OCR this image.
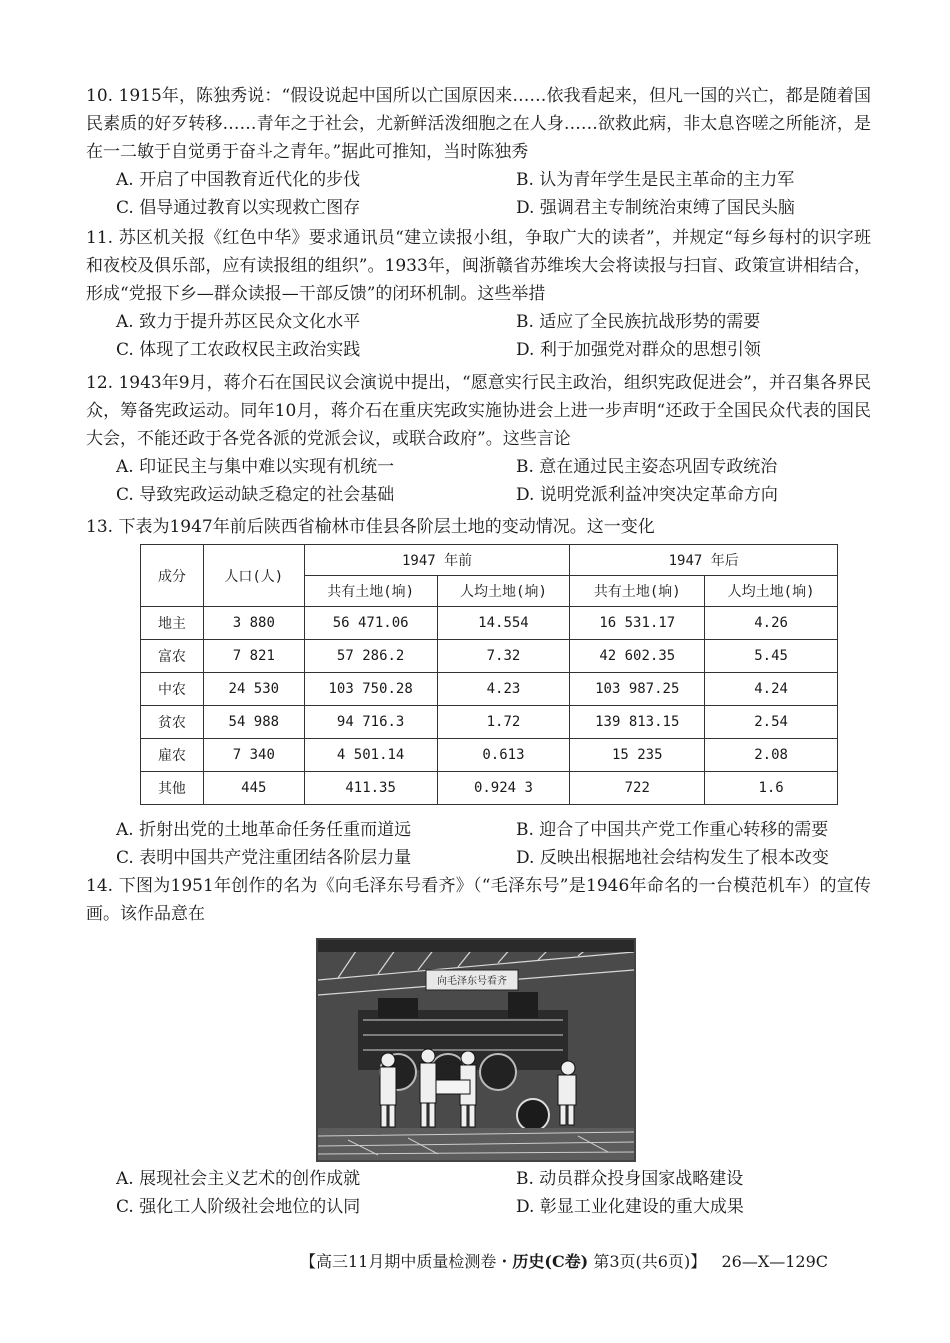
10. 1915年，陈独秀说：“假设说起中国所以亡国原因来……依我看起来，但凡一国的兴亡，都是随着国民素质的好歹转移……青年之于社会，尤新鲜活泼细胞之在人身……欲救此病，非太息咨嗟之所能济，是在一二敏于自觉勇于奋斗之青年。”据此可推知，当时陈独秀
A. 开启了中国教育近代化的步伐	B. 认为青年学生是民主革命的主力军
C. 倡导通过教育以实现救亡图存	D. 强调君主专制统治束缚了国民头脑
11. 苏区机关报《红色中华》要求通讯员“建立读报小组，争取广大的读者”，并规定“每乡每村的识字班和夜校及俱乐部，应有读报组的组织”。1933年，闽浙赣省苏维埃大会将读报与扫盲、政策宣讲相结合，形成“党报下乡—群众读报—干部反馈”的闭环机制。这些举措
A. 致力于提升苏区民众文化水平	B. 适应了全民族抗战形势的需要
C. 体现了工农政权民主政治实践	D. 利于加强党对群众的思想引领
12. 1943年9月，蒋介石在国民议会演说中提出，“愿意实行民主政治，组织宪政促进会”，并召集各界民众，筹备宪政运动。同年10月，蒋介石在重庆宪政实施协进会上进一步声明“还政于全国民众代表的国民大会，不能还政于各党各派的党派会议，或联合政府”。这些言论
A. 印证民主与集中难以实现有机统一	B. 意在通过民主姿态巩固专政统治
C. 导致宪政运动缺乏稳定的社会基础	D. 说明党派利益冲突决定革命方向
13. 下表为1947年前后陕西省榆林市佳县各阶层土地的变动情况。这一变化
成分	人口(人)	1947 年前		1947 年后	
		共有土地(垧)	人均土地(垧)	共有土地(垧)	人均土地(垧)
地主	3 880	56 471.06	14.554	16 531.17	4.26
富农	7 821	57 286.2	7.32	42 602.35	5.45
中农	24 530	103 750.28	4.23	103 987.25	4.24
贫农	54 988	94 716.3	1.72	139 813.15	2.54
雇农	7 340	4 501.14	0.613	15 235	2.08
其他	445	411.35	0.924 3	722	1.6
A. 折射出党的土地革命任务任重而道远	B. 迎合了中国共产党工作重心转移的需要
C. 表明中国共产党注重团结各阶层力量	D. 反映出根据地社会结构发生了根本改变
14. 下图为1951年创作的名为《向毛泽东号看齐》（“毛泽东号”是1946年命名的一台模范机车）的宣传画。该作品意在
向毛泽东号看齐
A. 展现社会主义艺术的创作成就	B. 动员群众投身国家战略建设
C. 强化工人阶级社会地位的认同	D. 彰显工业化建设的重大成果
【高三11月期中质量检测卷・历史(C卷) 第3页(共6页)】 26—X—129C
